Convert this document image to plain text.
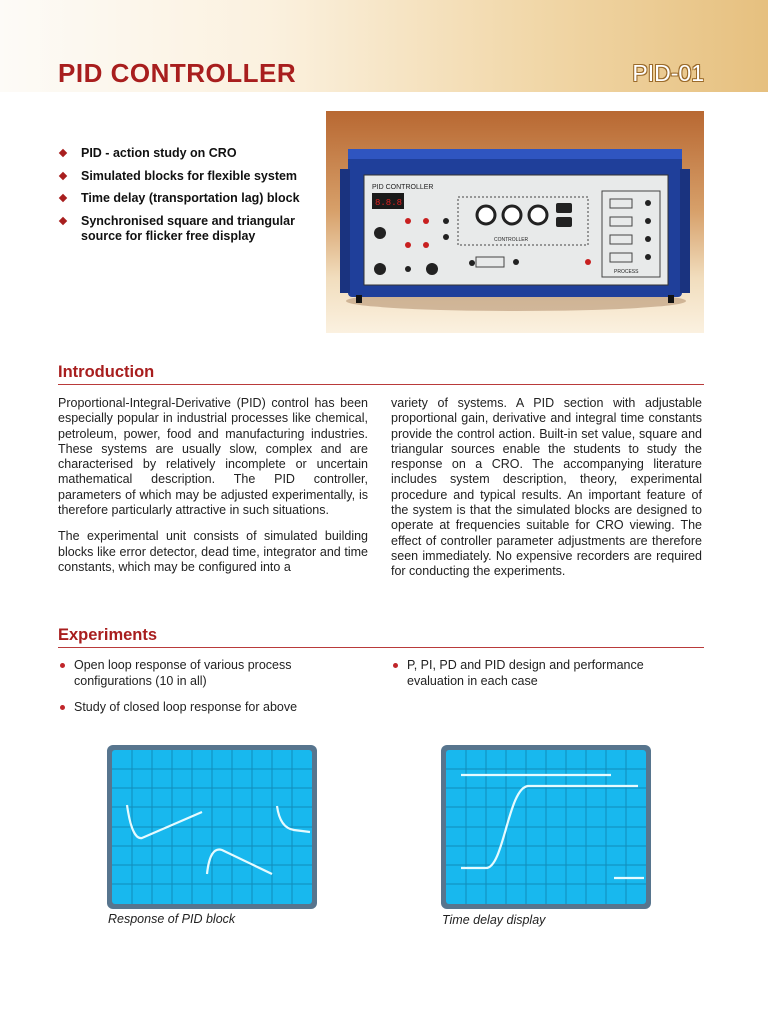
PID CONTROLLER	PID-01
PID - action study on CRO
Simulated blocks for flexible system
Time delay (transportation lag) block
Synchronised square and triangular source for flicker free display
PID CONTROLLER
8.8.8
CONTROLLER
PROCESS
Introduction

Proportional-Integral-Derivative (PID) control has been especially popular in industrial processes like chemical, petroleum, power, food and manufacturing industries. These systems are usually slow, complex and are characterised by relatively incomplete or uncertain mathematical description. The PID controller, parameters of which may be adjusted experimentally, is therefore particularly attractive in such situations.

The experimental unit consists of simulated building blocks like error detector, dead time, integrator and time constants, which may be configured into a

variety of systems. A PID section with adjustable proportional gain, derivative and integral time constants provide the control action. Built-in set value, square and triangular sources enable the students to study the response on a CRO. The accompanying literature includes system description, theory, experimental procedure and typical results. An important feature of the system is that the simulated blocks are designed to operate at frequencies suitable for CRO viewing. The effect of controller parameter adjustments are therefore seen immediately. No expensive recorders are required for conducting the experiments.

Experiments
Open loop response of various process configurations (10 in all)
Study of closed loop response for above
P, PI, PD and PID design and performance evaluation in each case
Response of PID block	Time delay display
